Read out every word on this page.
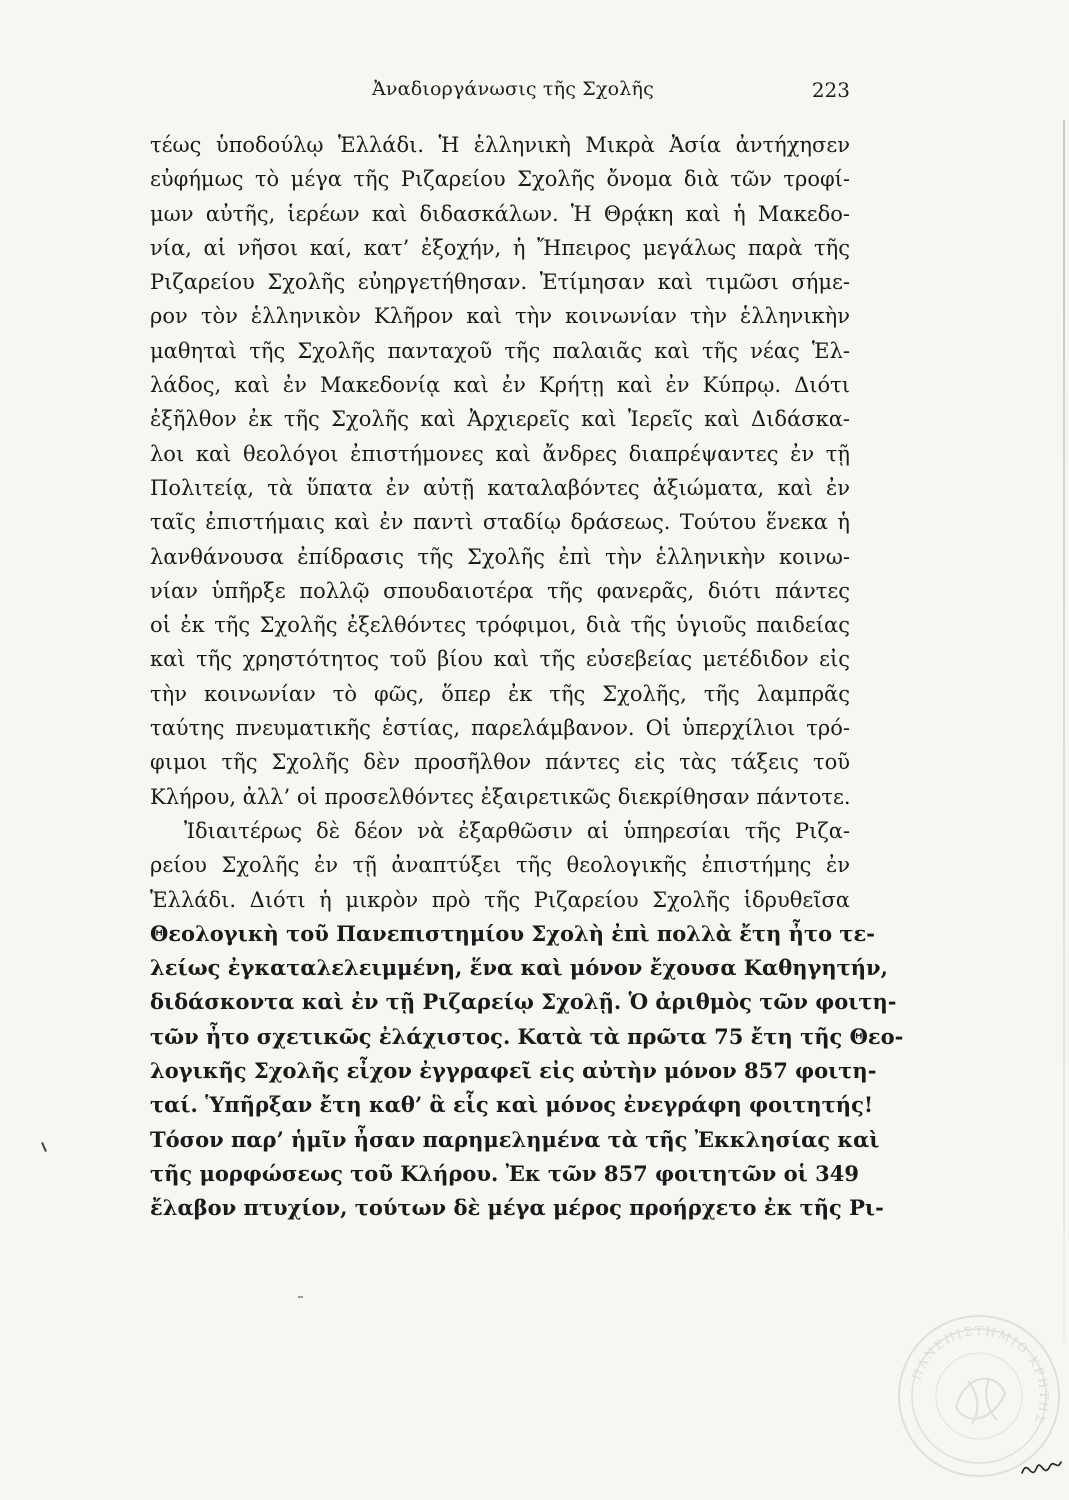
Ἀναδιοργάνωσις τῆς Σχολῆς	223
τέως ὑποδούλῳ Ἑλλάδι. Ἡ ἑλληνικὴ Μικρὰ Ἀσία ἀντήχησεν
εὐφήμως τὸ μέγα τῆς Ριζαρείου Σχολῆς ὄνομα διὰ τῶν τροφί-
μων αὐτῆς, ἱερέων καὶ διδασκάλων. Ἡ Θρᾴκη καὶ ἡ Μακεδο-
νία, αἱ νῆσοι καί, κατ’ ἐξοχήν, ἡ Ἤπειρος μεγάλως παρὰ τῆς
Ριζαρείου Σχολῆς εὐηργετήθησαν. Ἐτίμησαν καὶ τιμῶσι σήμε-
ρον τὸν ἑλληνικὸν Κλῆρον καὶ τὴν κοινωνίαν τὴν ἑλληνικὴν
μαθηταὶ τῆς Σχολῆς πανταχοῦ τῆς παλαιᾶς καὶ τῆς νέας Ἑλ-
λάδος, καὶ ἐν Μακεδονίᾳ καὶ ἐν Κρήτῃ καὶ ἐν Κύπρῳ. Διότι
ἐξῆλθον ἐκ τῆς Σχολῆς καὶ Ἀρχιερεῖς καὶ Ἱερεῖς καὶ Διδάσκα-
λοι καὶ θεολόγοι ἐπιστήμονες καὶ ἄνδρες διαπρέψαντες ἐν τῇ
Πολιτείᾳ, τὰ ὕπατα ἐν αὐτῇ καταλαβόντες ἀξιώματα, καὶ ἐν
ταῖς ἐπιστήμαις καὶ ἐν παντὶ σταδίῳ δράσεως. Τούτου ἕνεκα ἡ
λανθάνουσα ἐπίδρασις τῆς Σχολῆς ἐπὶ τὴν ἑλληνικὴν κοινω-
νίαν ὑπῆρξε πολλῷ σπουδαιοτέρα τῆς φανερᾶς, διότι πάντες
οἱ ἐκ τῆς Σχολῆς ἐξελθόντες τρόφιμοι, διὰ τῆς ὑγιοῦς παιδείας
καὶ τῆς χρηστότητος τοῦ βίου καὶ τῆς εὐσεβείας μετέδιδον εἰς
τὴν κοινωνίαν τὸ φῶς, ὅπερ ἐκ τῆς Σχολῆς, τῆς λαμπρᾶς
ταύτης πνευματικῆς ἑστίας, παρελάμβανον. Οἱ ὑπερχίλιοι τρό-
φιμοι τῆς Σχολῆς δὲν προσῆλθον πάντες εἰς τὰς τάξεις τοῦ
Κλήρου, ἀλλ’ οἱ προσελθόντες ἐξαιρετικῶς διεκρίθησαν πάντοτε.
Ἰδιαιτέρως δὲ δέον νὰ ἐξαρθῶσιν αἱ ὑπηρεσίαι τῆς Ριζα-
ρείου Σχολῆς ἐν τῇ ἀναπτύξει τῆς θεολογικῆς ἐπιστήμης ἐν
Ἑλλάδι. Διότι ἡ μικρὸν πρὸ τῆς Ριζαρείου Σχολῆς ἱδρυθεῖσα
Θεολογικὴ τοῦ Πανεπιστημίου Σχολὴ ἐπὶ πολλὰ ἔτη ἦτο τε-
λείως ἐγκαταλελειμμένη, ἕνα καὶ μόνον ἔχουσα Καθηγητήν,
διδάσκοντα καὶ ἐν τῇ Ριζαρείῳ Σχολῇ. Ὁ ἀριθμὸς τῶν φοιτη-
τῶν ἦτο σχετικῶς ἐλάχιστος. Κατὰ τὰ πρῶτα 75 ἔτη τῆς Θεο-
λογικῆς Σχολῆς εἶχον ἐγγραφεῖ εἰς αὐτὴν μόνον 857 φοιτη-
ταί. Ὑπῆρξαν ἔτη καθ’ ἃ εἷς καὶ μόνος ἐνεγράφη φοιτητής!
Τόσον παρ’ ἡμῖν ἦσαν παρημελημένα τὰ τῆς Ἐκκλησίας καὶ
τῆς μορφώσεως τοῦ Κλήρου. Ἐκ τῶν 857 φοιτητῶν οἱ 349
ἔλαβον πτυχίον, τούτων δὲ μέγα μέρος προήρχετο ἐκ τῆς Ρι-
ΠΑΝΕΠΙΣΤΗΜΙΟ ΚΡΗΤΗΣ
